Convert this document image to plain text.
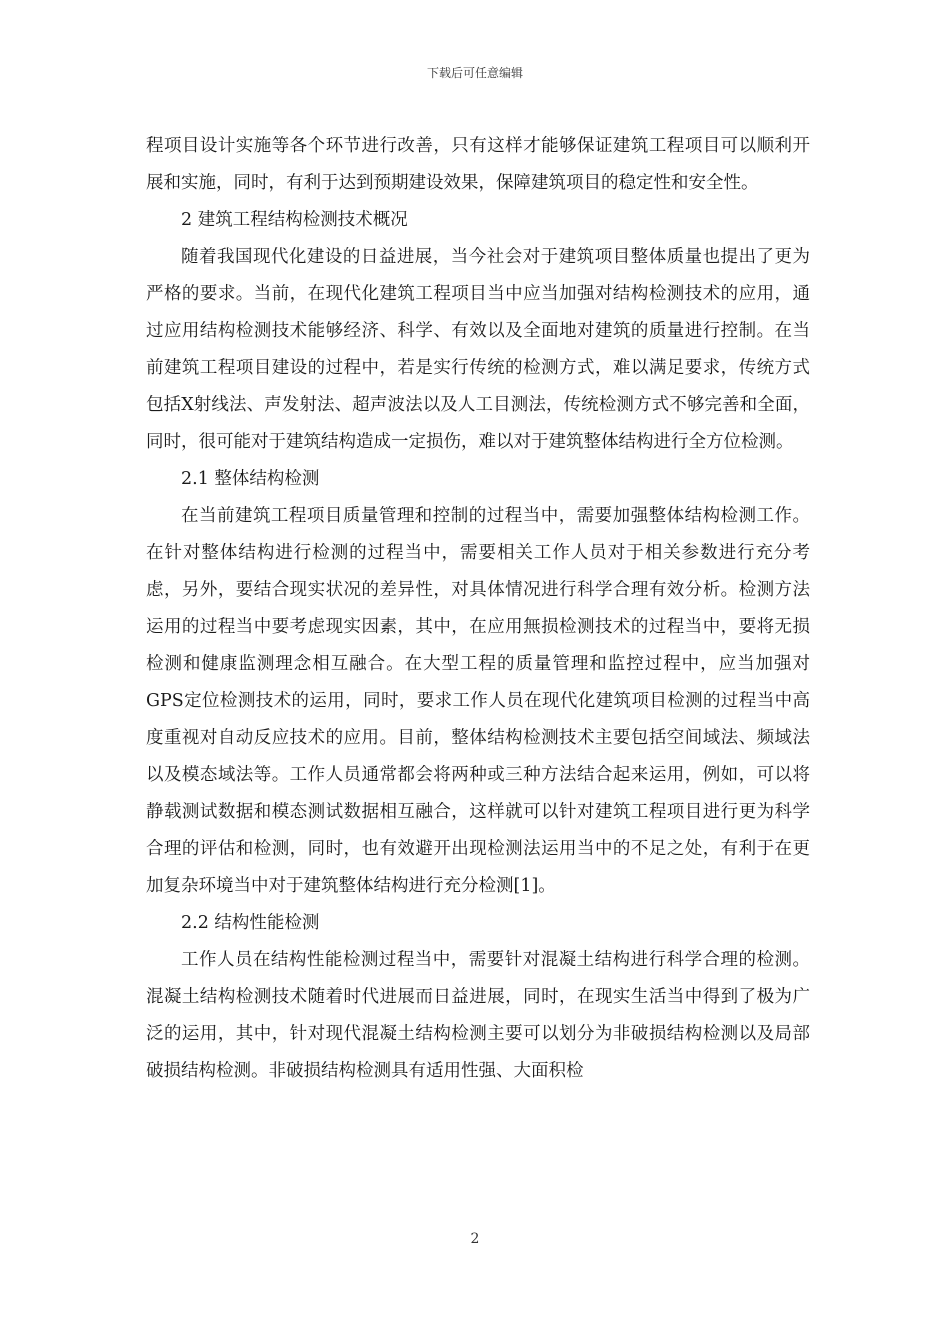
下载后可任意编辑

程项目设计实施等各个环节进行改善，只有这样才能够保证建筑工程项目可以顺利开展和实施，同时，有利于达到预期建设效果，保障建筑项目的稳定性和安全性。

2 建筑工程结构检测技术概况

随着我国现代化建设的日益进展，当今社会对于建筑项目整体质量也提出了更为严格的要求。当前，在现代化建筑工程项目当中应当加强对结构检测技术的应用，通过应用结构检测技术能够经济、科学、有效以及全面地对建筑的质量进行控制。在当前建筑工程项目建设的过程中，若是实行传统的检测方式，难以满足要求，传统方式包括X射线法、声发射法、超声波法以及人工目测法，传统检测方式不够完善和全面，同时，很可能对于建筑结构造成一定损伤，难以对于建筑整体结构进行全方位检测。

2.1 整体结构检测

在当前建筑工程项目质量管理和控制的过程当中，需要加强整体结构检测工作。在针对整体结构进行检测的过程当中，需要相关工作人员对于相关参数进行充分考虑，另外，要结合现实状况的差异性，对具体情况进行科学合理有效分析。检测方法运用的过程当中要考虑现实因素，其中，在应用無损检测技术的过程当中，要将无损检测和健康监测理念相互融合。在大型工程的质量管理和监控过程中，应当加强对GPS定位检测技术的运用，同时，要求工作人员在现代化建筑项目检测的过程当中高度重视对自动反应技术的应用。目前，整体结构检测技术主要包括空间域法、频域法以及模态域法等。工作人员通常都会将两种或三种方法结合起来运用，例如，可以将静载测试数据和模态测试数据相互融合，这样就可以针对建筑工程项目进行更为科学合理的评估和检测，同时，也有效避开出现检测法运用当中的不足之处，有利于在更加复杂环境当中对于建筑整体结构进行充分检测[1]。

2.2 结构性能检测

工作人员在结构性能检测过程当中，需要针对混凝土结构进行科学合理的检测。混凝土结构检测技术随着时代进展而日益进展，同时，在现实生活当中得到了极为广泛的运用，其中，针对现代混凝土结构检测主要可以划分为非破损结构检测以及局部破损结构检测。非破损结构检测具有适用性强、大面积检

2
